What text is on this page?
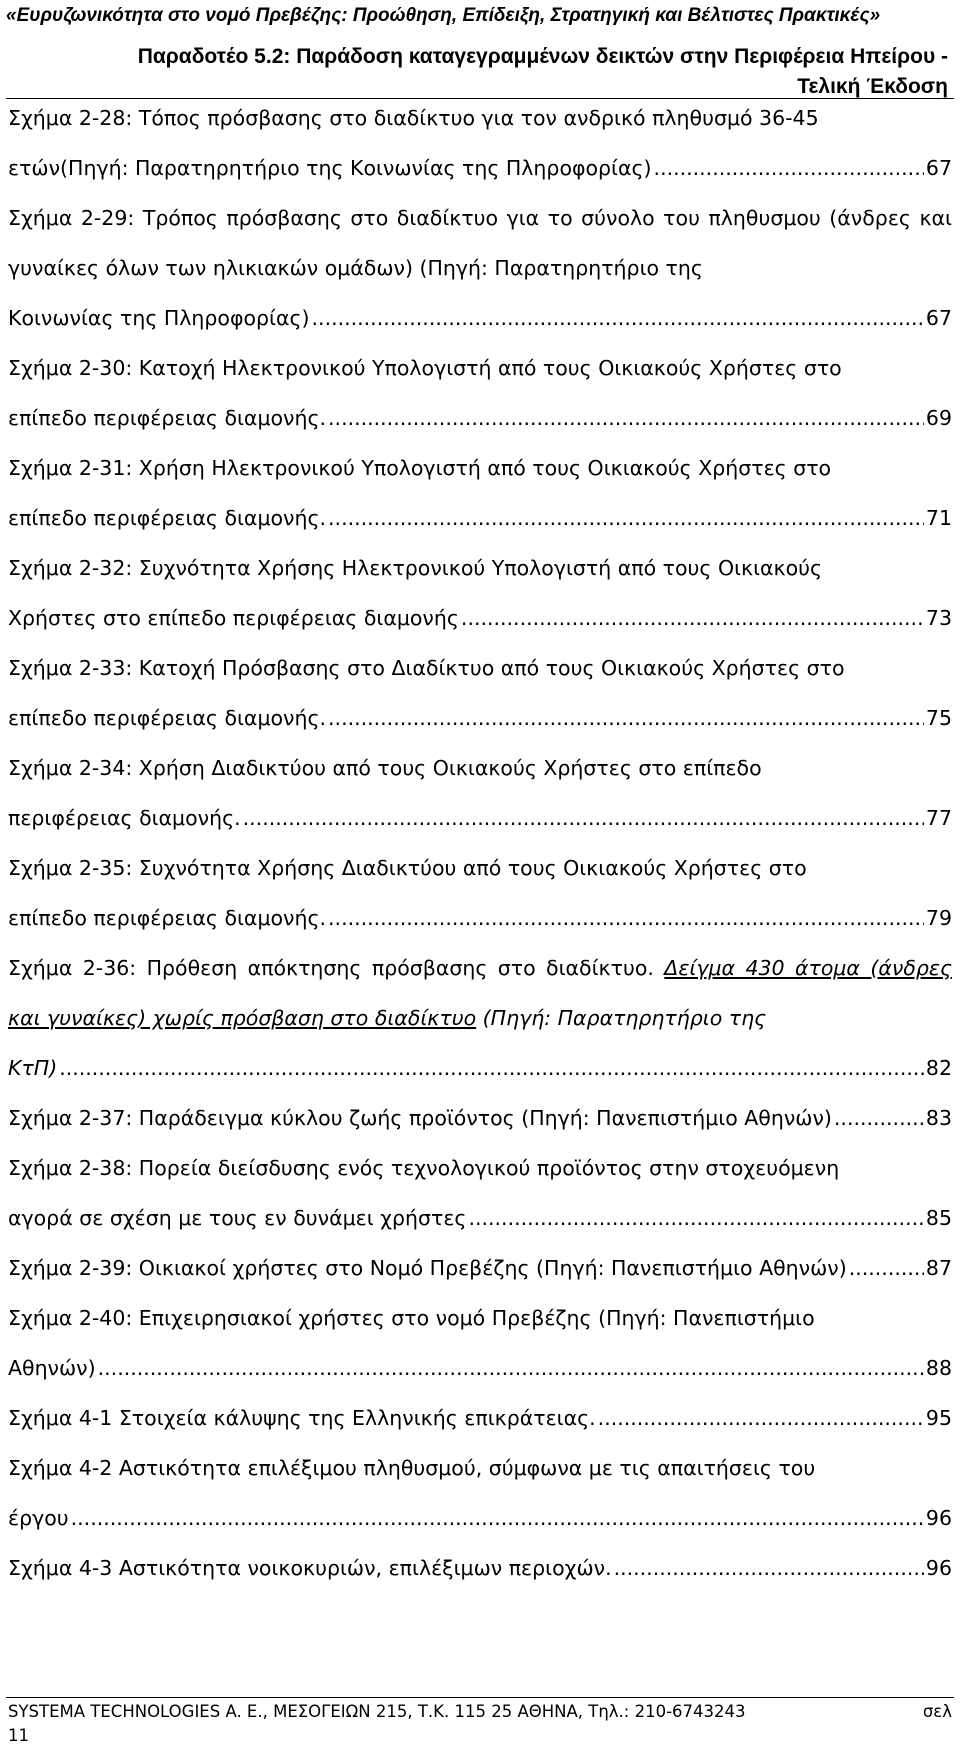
«Ευρυζωνικότητα στο νομό Πρεβέζης: Προώθηση, Επίδειξη, Στρατηγική και Βέλτιστες Πρακτικές»
Παραδοτέο 5.2: Παράδοση καταγεγραμμένων δεικτών στην Περιφέρεια Ηπείρου -
Τελική Έκδοση
Σχήμα 2-28: Τόπος πρόσβασης στο διαδίκτυο για τον ανδρικό πληθυσμό 36-45
ετών(Πηγή: Παρατηρητήριο της Κοινωνίας της Πληροφορίας) .....	67
Σχήμα 2-29: Τρόπος πρόσβασης στο διαδίκτυο για το σύνολο του πληθυσμου (άνδρες και γυναίκες όλων των ηλικιακών ομάδων) (Πηγή: Παρατηρητήριο της
Κοινωνίας της Πληροφορίας) .....	67
Σχήμα 2-30: Κατοχή Ηλεκτρονικού Υπολογιστή από τους Οικιακούς Χρήστες στο
επίπεδο περιφέρειας διαμονής. .....	69
Σχήμα 2-31: Χρήση Ηλεκτρονικού Υπολογιστή από τους Οικιακούς Χρήστες στο
επίπεδο περιφέρειας διαμονής. .....	71
Σχήμα 2-32: Συχνότητα Χρήσης Ηλεκτρονικού Υπολογιστή από τους Οικιακούς
Χρήστες στο επίπεδο περιφέρειας διαμονής .....	73
Σχήμα 2-33: Κατοχή Πρόσβασης στο Διαδίκτυο από τους Οικιακούς Χρήστες στο
επίπεδο περιφέρειας διαμονής. .....	75
Σχήμα 2-34: Χρήση Διαδικτύου από τους Οικιακούς Χρήστες στο επίπεδο
περιφέρειας διαμονής. .....	77
Σχήμα 2-35: Συχνότητα Χρήσης Διαδικτύου από τους Οικιακούς Χρήστες στο
επίπεδο περιφέρειας διαμονής. .....	79
Σχήμα 2-36: Πρόθεση απόκτησης πρόσβασης στο διαδίκτυο. Δείγμα 430 άτομα (άνδρες και γυναίκες) χωρίς πρόσβαση στο διαδίκτυο (Πηγή: Παρατηρητήριο της
ΚτΠ) .....	82
Σχήμα 2-37: Παράδειγμα κύκλου ζωής προϊόντος (Πηγή: Πανεπιστήμιο Αθηνών) .....	83
Σχήμα 2-38: Πορεία διείσδυσης ενός τεχνολογικού προϊόντος στην στοχευόμενη
αγορά σε σχέση με τους εν δυνάμει χρήστες .....	85
Σχήμα 2-39: Οικιακοί χρήστες στο Νομό Πρεβέζης (Πηγή: Πανεπιστήμιο Αθηνών) .....	87
Σχήμα 2-40: Επιχειρησιακοί χρήστες στο νομό Πρεβέζης (Πηγή: Πανεπιστήμιο
Αθηνών) .....	88
Σχήμα 4-1 Στοιχεία κάλυψης της Ελληνικής επικράτειας. .....	95
Σχήμα 4-2 Αστικότητα επιλέξιμου πληθυσμού, σύμφωνα με τις απαιτήσεις του
έργου .....	96
Σχήμα 4-3 Αστικότητα νοικοκυριών, επιλέξιμων περιοχών. .....	96
SYSTEMA TECHNOLOGIES A. E., ΜΕΣΟΓΕΙΩΝ 215, Τ.Κ. 115 25 ΑΘΗΝΑ, Τηλ.: 210-6743243	σελ
11
